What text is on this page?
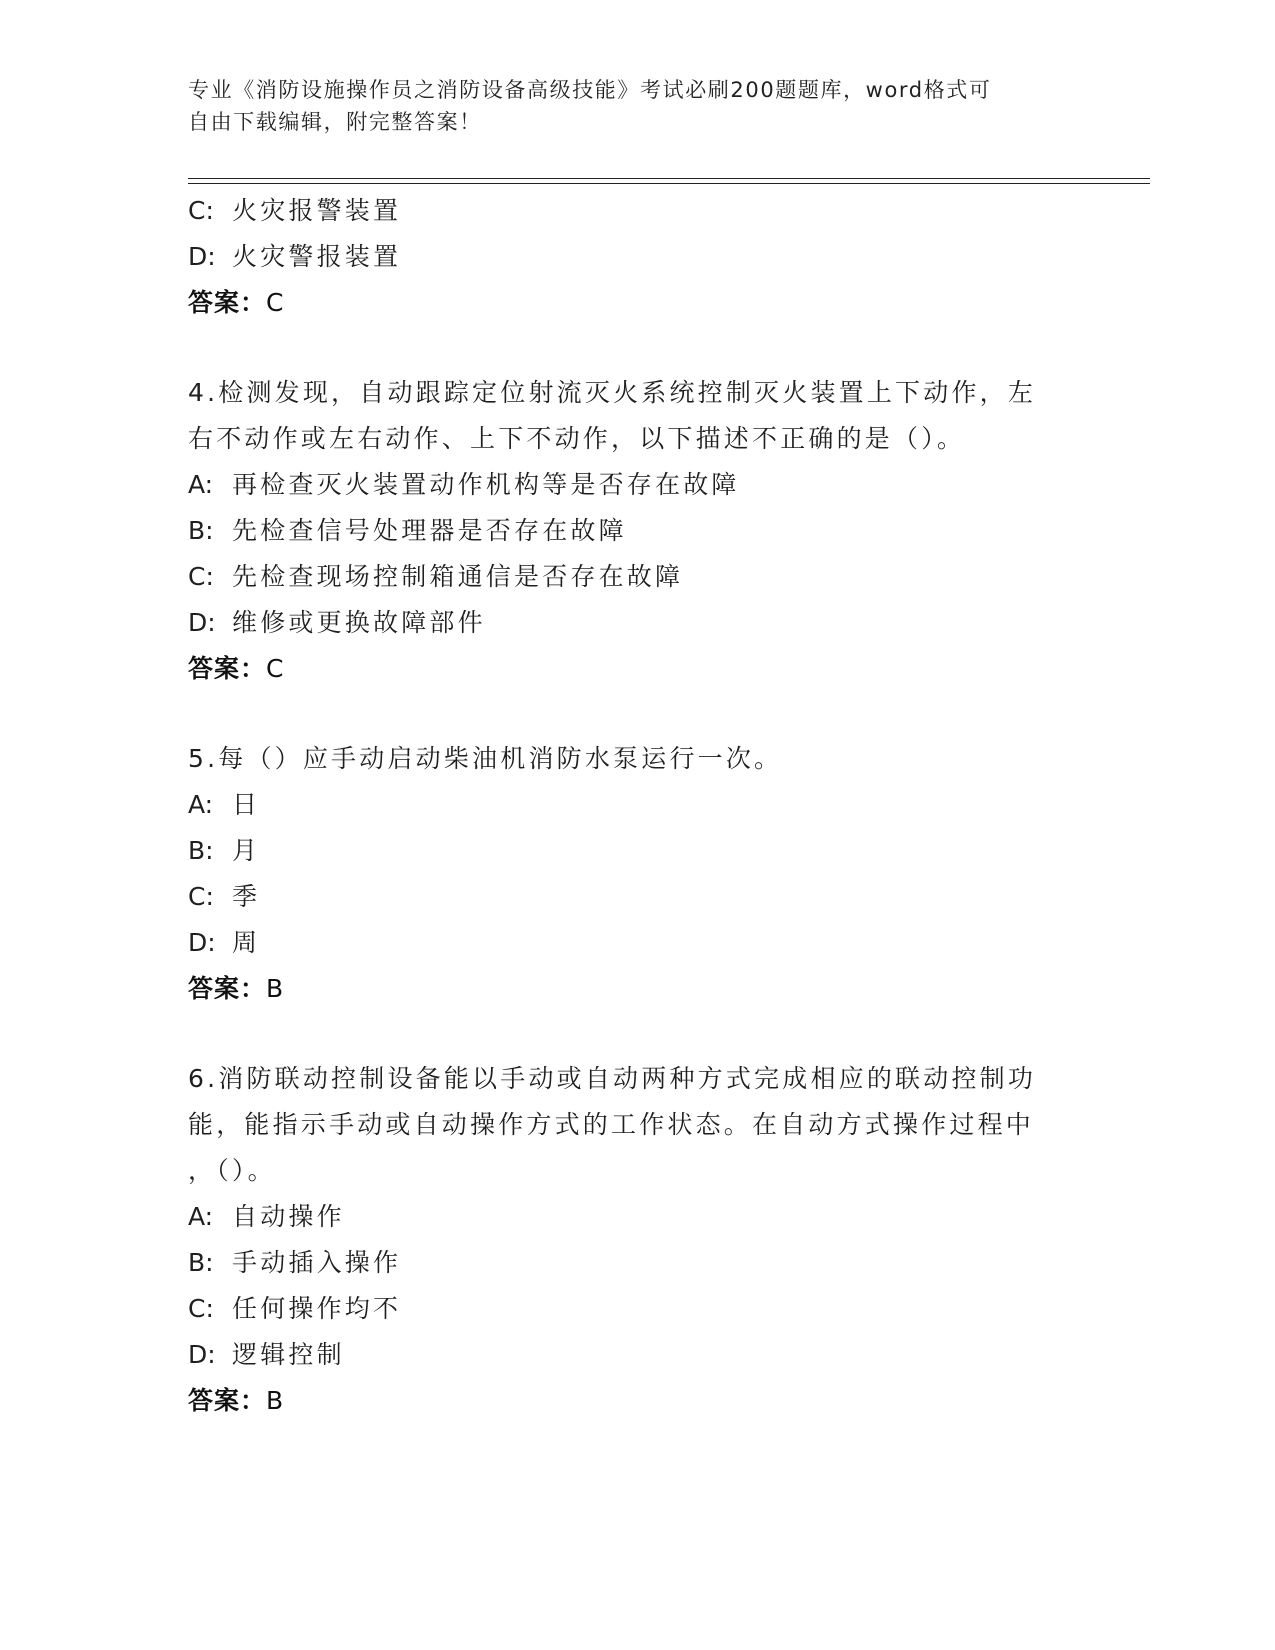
专业《消防设施操作员之消防设备高级技能》考试必刷200题题库，word格式可
自由下载编辑，附完整答案！
C: 火灾报警装置
D: 火灾警报装置
答案：C
4.检测发现，自动跟踪定位射流灭火系统控制灭火装置上下动作，左
右不动作或左右动作、上下不动作，以下描述不正确的是（）。
A: 再检查灭火装置动作机构等是否存在故障
B: 先检查信号处理器是否存在故障
C: 先检查现场控制箱通信是否存在故障
D: 维修或更换故障部件
答案：C
5.每（）应手动启动柴油机消防水泵运行一次。
A: 日
B: 月
C: 季
D: 周
答案：B
6.消防联动控制设备能以手动或自动两种方式完成相应的联动控制功
能，能指示手动或自动操作方式的工作状态。在自动方式操作过程中
，（）。
A: 自动操作
B: 手动插入操作
C: 任何操作均不
D: 逻辑控制
答案：B
